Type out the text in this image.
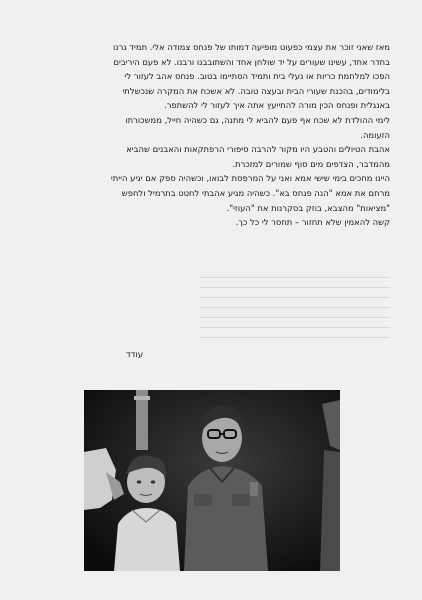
מאז שאני זוכר את עצמי כפעוט מופיעה דמותו של פנחס צמודה אלי. תמיד גרנו

בחדר אחד, עשינו שעורים על יד שולחן אחד והשתובבנו ורבנו. לא פעם היריבים

הפכו למלחמת כריות או נעלי בית ותמיד הסתיימו בטוב. פנחס אהב לעזור לי

בלימודים, בהכנת שעורי הבית ובעצה טובה. לא אשכח את המקרה שנכשלתי

באנגלית ופנחס הכין מורה להתייעץ אתה איך לעזור לי להשתפר.

לימי ההולדת לא שכח אף פעם להביא לי מתנה, גם כשהיה חייל, ממשכורתו

הזעומה.

אהבת הטיולים והטבע היו מקור להרבה סיפורי הרפתקאות והאבנים שהביא

מהמדבר, הצדפים מים סוף שמורים למזכרת.

היינו מחכים בימי שישי אמא ואני על המרפסת לבואו, וכשהיה ספק אם יגיע הייתי

מרחם את אמא "הנה פנחס בא". כשהיה מגיע אהבתי לחטט בתרמיל ולחפש

"מציאות" מהצבא, בוזק בסקרנות את "העוזי".

קשה להאמין שלא תחזור – תחסר לי כל כך.

עודד
